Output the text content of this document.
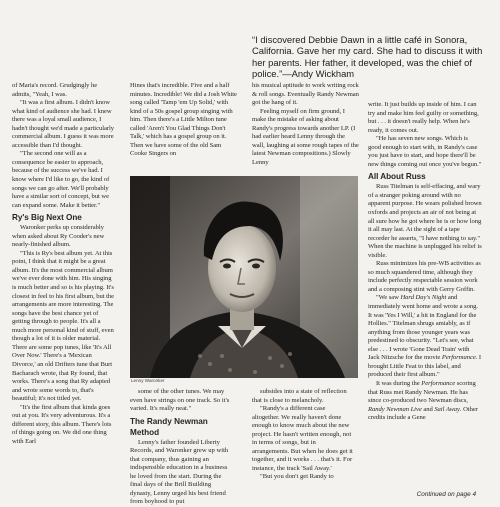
“I discovered Debbie Dawn in a little café in Sonora, California. Gave her my card. She had to discuss it with her parents. Her father, it developed, was the chief of police.”—Andy Wickham

of Maria's record. Grudgingly he admits, "Yeah, I was.

"It was a first album. I didn't know what kind of audience she had. I knew there was a loyal small audience, I hadn't thought we'd made a particularly commercial album. I guess it was more accessible than I'd thought.

"The second one will as a consequence be easier to approach, because of the success we've had. I know where I'd like to go, the kind of songs we can go after. We'll probably have a similar sort of concept, but we can expand some. Make it better."

Ry's Big Next One

Waronker perks up considerably when asked about Ry Cooder's new nearly-finished album.

"This is Ry's best album yet. At this point, I think that it might be a great album. It's the most commercial album we've ever done with him. His singing is much better and so is his playing. It's closest in feel to his first album, but the arrangements are more interesting. The songs have the best chance yet of getting through to people. It's all a much more personal kind of stuff, even though a lot of it is older material. There are some pop tunes, like 'It's All Over Now.' There's a 'Mexican Divorce,' an old Drifters tune that Burt Bacharach wrote, that Ry found, that works. There's a song that Ry adapted and wrote some words to, that's beautiful; it's not titled yet.

"It's the first album that kinda goes out at you. It's very adventurous. It's a different story, this album. There's lots of things going on. We did one thing with Earl

Hines that's incredible. Five and a half minutes. Incredible! We did a Josh White song called 'Tamp 'em Up Solid,' with kind of a 50s gospel group singing with him. Then there's a Little Milton tune called 'Aren't You Glad Things Don't Talk,' which has a gospel group on it. Then we have some of the old Sam Cooke Singers on

his musical aptitude to work writing rock & roll songs. Eventually Randy Newman got the hang of it.

Feeling myself on firm ground, I make the mistake of asking about Randy's progress towards another LP. (I had earlier heard Lenny through the wall, laughing at some rough tapes of the latest Newman compositions.) Slowly Lenny

Lenny Waronker

some of the other tunes. We may even have strings on one track. So it's varied. It's really neat."

The Randy Newman Method

Lenny's father founded Liberty Records, and Waronker grew up with that company, thus gaining an indispensible education in a business he loved from the start. During the final days of the Brill Building dynasty, Lenny urged his best friend from boyhood to put

subsides into a state of reflection that is close to melancholy.

"Randy's a different case altogether. We really haven't done enough to know much about the new project. He hasn't written enough, not in terms of songs, but in arrangements. But when he does get it together, and it works . . . that's it. For instance, the track 'Sail Away.'

"But you don't get Randy to

write. It just builds up inside of him. I can try and make him feel guilty or something, but . . . it doesn't really help. When he's ready, it comes out.

"He has seven new songs. Which is good enough to start with, in Randy's case you just have to start, and hope there'll be new things coming out once you've begun."

All About Russ

Russ Titelman is self-effacing, and wary of a stranger poking around with no apparent purpose. He wears polished brown oxfords and projects an air of not being at all sure how he got where he is or how long it all may last. At the sight of a tape recorder he asserts, "I have nothing to say." When the machine is unplugged his relief is visible.

Russ minimizes his pre-WB activities as so much squandered time, although they include perfectly respectable session work and a composing stint with Gerry Goffin.

"We saw Hard Day's Night and immediately went home and wrote a song. It was 'Yes I Will,' a hit in England for the Hollies." Titelman shrugs amiably, as if anything from those younger years was predestined to obscurity. "Let's see, what else . . . I wrote 'Gone Dead Train' with Jack Nitzsche for the movie Performance. I brought Little Feat to this label, and produced their first album."

It was during the Performance scoring that Russ met Randy Newman. He has since co-produced two Newman discs, Randy Newman Live and Sail Away. Other credits include a Gene

Continued on page 4
